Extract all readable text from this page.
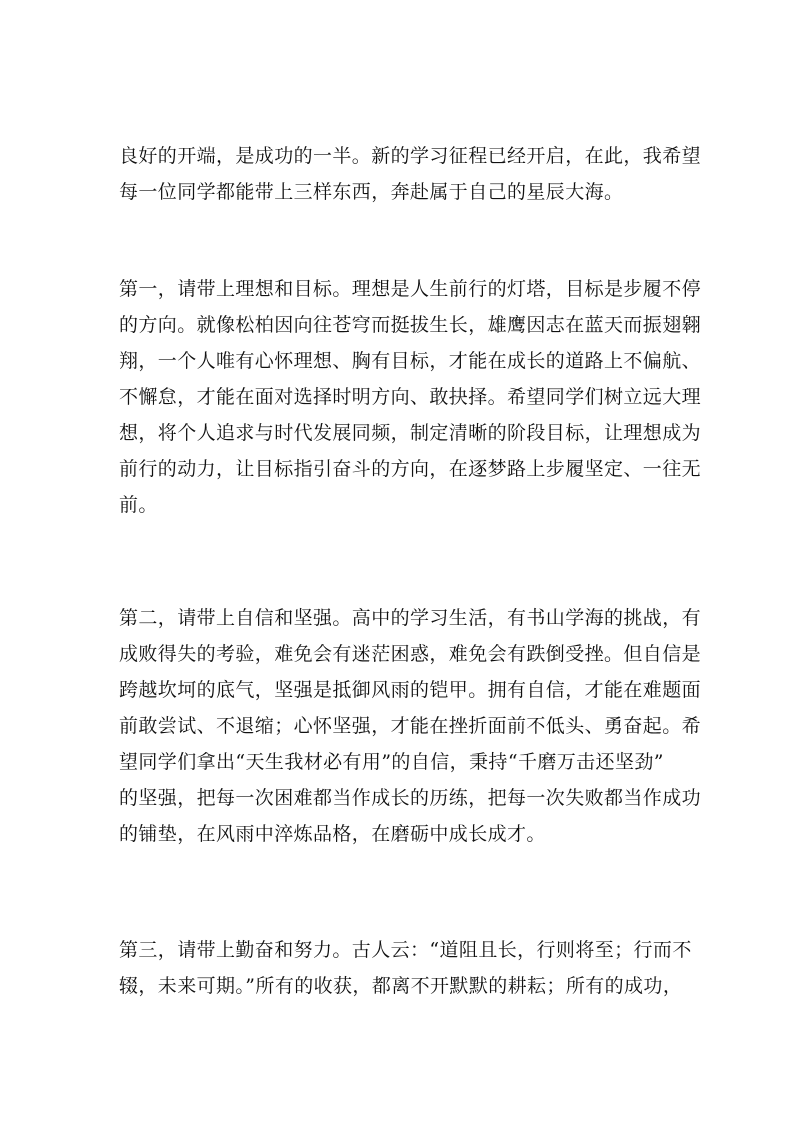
良好的开端，是成功的一半。新的学习征程已经开启，在此，我希望
每一位同学都能带上三样东西，奔赴属于自己的星辰大海。
第一，请带上理想和目标。理想是人生前行的灯塔，目标是步履不停
的方向。就像松柏因向往苍穹而挺拔生长，雄鹰因志在蓝天而振翅翱
翔，一个人唯有心怀理想、胸有目标，才能在成长的道路上不偏航、
不懈怠，才能在面对选择时明方向、敢抉择。希望同学们树立远大理
想，将个人追求与时代发展同频，制定清晰的阶段目标，让理想成为
前行的动力，让目标指引奋斗的方向，在逐梦路上步履坚定、一往无
前。
第二，请带上自信和坚强。高中的学习生活，有书山学海的挑战，有
成败得失的考验，难免会有迷茫困惑，难免会有跌倒受挫。但自信是
跨越坎坷的底气，坚强是抵御风雨的铠甲。拥有自信，才能在难题面
前敢尝试、不退缩；心怀坚强，才能在挫折面前不低头、勇奋起。希
望同学们拿出“天生我材必有用”的自信，秉持“千磨万击还坚劲”
的坚强，把每一次困难都当作成长的历练，把每一次失败都当作成功
的铺垫，在风雨中淬炼品格，在磨砺中成长成才。
第三，请带上勤奋和努力。古人云：“道阻且长，行则将至；行而不
辍，未来可期。”所有的收获，都离不开默默的耕耘；所有的成功，
